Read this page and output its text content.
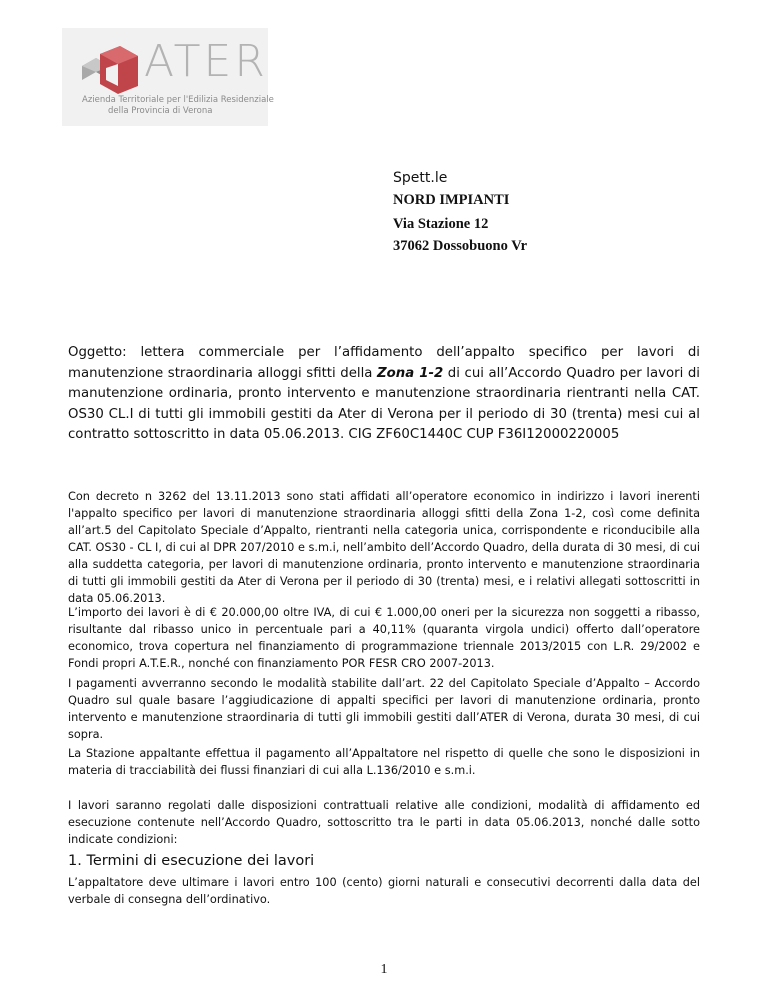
ATER
Azienda Territoriale per l'Edilizia Residenziale
della Provincia di Verona
Spett.le
NORD IMPIANTI
Via Stazione 12
37062 Dossobuono Vr
Oggetto: lettera commerciale per l’affidamento dell’appalto specifico per lavori di manutenzione straordinaria alloggi sfitti della Zona 1-2 di cui all’Accordo Quadro per lavori di manutenzione ordinaria, pronto intervento e manutenzione straordinaria rientranti nella CAT. OS30 CL.I di tutti gli immobili gestiti da Ater di Verona per il periodo di 30 (trenta) mesi cui al contratto sottoscritto in data 05.06.2013. CIG ZF60C1440C CUP F36I12000220005

Con decreto n 3262 del 13.11.2013 sono stati affidati all’operatore economico in indirizzo i lavori inerenti l'appalto specifico per lavori di manutenzione straordinaria alloggi sfitti della Zona 1-2, così come definita all’art.5 del Capitolato Speciale d’Appalto, rientranti nella categoria unica, corrispondente e riconducibile alla CAT. OS30 - CL I, di cui al DPR 207/2010 e s.m.i, nell’ambito dell’Accordo Quadro, della durata di 30 mesi, di cui alla suddetta categoria, per lavori di manutenzione ordinaria, pronto intervento e manutenzione straordinaria di tutti gli immobili gestiti da Ater di Verona per il periodo di 30 (trenta) mesi, e i relativi allegati sottoscritti in data 05.06.2013.

L’importo dei lavori è di € 20.000,00 oltre IVA, di cui € 1.000,00 oneri per la sicurezza non soggetti a ribasso, risultante dal ribasso unico in percentuale pari a 40,11% (quaranta virgola undici) offerto dall’operatore economico, trova copertura nel finanziamento di programmazione triennale 2013/2015 con L.R. 29/2002 e Fondi propri A.T.E.R., nonché con finanziamento POR FESR CRO 2007-2013.

I pagamenti avverranno secondo le modalità stabilite dall’art. 22 del Capitolato Speciale d’Appalto – Accordo Quadro sul quale basare l’aggiudicazione di appalti specifici per lavori di manutenzione ordinaria, pronto intervento e manutenzione straordinaria di tutti gli immobili gestiti dall’ATER di Verona, durata 30 mesi, di cui sopra.

La Stazione appaltante effettua il pagamento all’Appaltatore nel rispetto di quelle che sono le disposizioni in materia di tracciabilità dei flussi finanziari di cui alla L.136/2010 e s.m.i.

I lavori saranno regolati dalle disposizioni contrattuali relative alle condizioni, modalità di affidamento ed esecuzione contenute nell’Accordo Quadro, sottoscritto tra le parti in data 05.06.2013, nonché dalle sotto indicate condizioni:

1. Termini di esecuzione dei lavori

L’appaltatore deve ultimare i lavori entro 100 (cento) giorni naturali e consecutivi decorrenti dalla data del verbale di consegna dell’ordinativo.

1
